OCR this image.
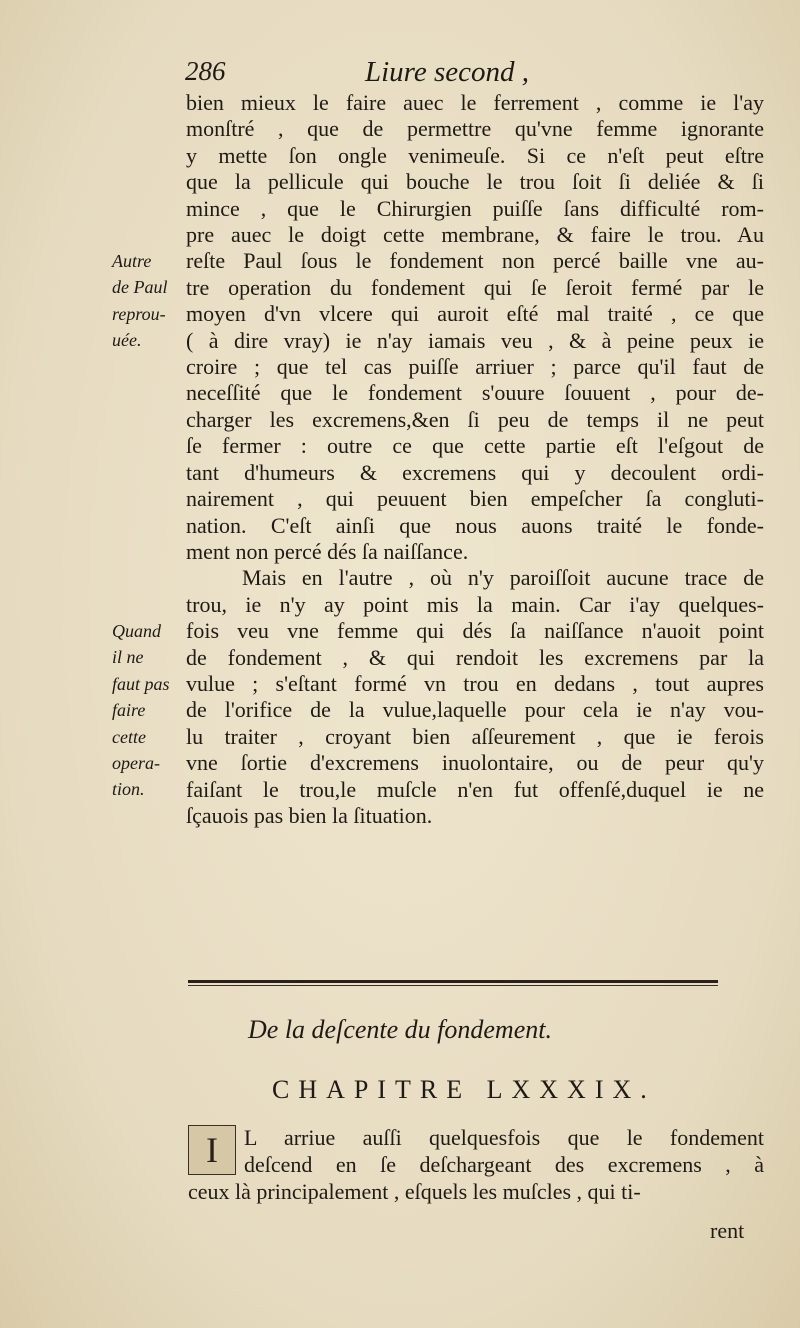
286	Liure second ,
bien mieux le faire auec le ferrement , comme ie l'ay
monſtré , que de permettre qu'vne femme ignorante
y mette ſon ongle venimeuſe. Si ce n'eſt peut eſtre
que la pellicule qui bouche le trou ſoit ſi deliée & ſi
mince , que le Chirurgien puiſſe ſans difficulté rom-
pre auec le doigt cette membrane, & faire le trou. Au
reſte Paul ſous le fondement non percé baille vne au-
tre operation du fondement qui ſe ſeroit fermé par le
moyen d'vn vlcere qui auroit eſté mal traité , ce que
( à dire vray) ie n'ay iamais veu , & à peine peux ie
croire ; que tel cas puiſſe arriuer ; parce qu'il faut de
neceſſité que le fondement s'ouure ſouuent , pour de-
charger les excremens,&en ſi peu de temps il ne peut
ſe fermer : outre ce que cette partie eſt l'eſgout de
tant d'humeurs & excremens qui y decoulent ordi-
nairement , qui peuuent bien empeſcher ſa congluti-
nation. C'eſt ainſi que nous auons traité le fonde-
ment non percé dés ſa naiſſance.
Mais en l'autre , où n'y paroiſſoit aucune trace de
trou, ie n'y ay point mis la main. Car i'ay quelques-
fois veu vne femme qui dés ſa naiſſance n'auoit point
de fondement , & qui rendoit les excremens par la
vulue ; s'eſtant formé vn trou en dedans , tout aupres
de l'orifice de la vulue,laquelle pour cela ie n'ay vou-
lu traiter , croyant bien aſſeurement , que ie ferois
vne ſortie d'excremens inuolontaire, ou de peur qu'y
faiſant le trou,le muſcle n'en fut offenſé,duquel ie ne
ſçauois pas bien la ſituation.
Autre
de Paul
reprou-
uée.
Quand
il ne
faut pas
faire
cette
opera-
tion.
De la deſcente du fondement.
CHAPITRE LXXXIX.
I	L arriue auſſi quelquesfois que le fondement
deſcend en ſe deſchargeant des excremens , à
ceux là principalement , eſquels les muſcles , qui ti-
rent
